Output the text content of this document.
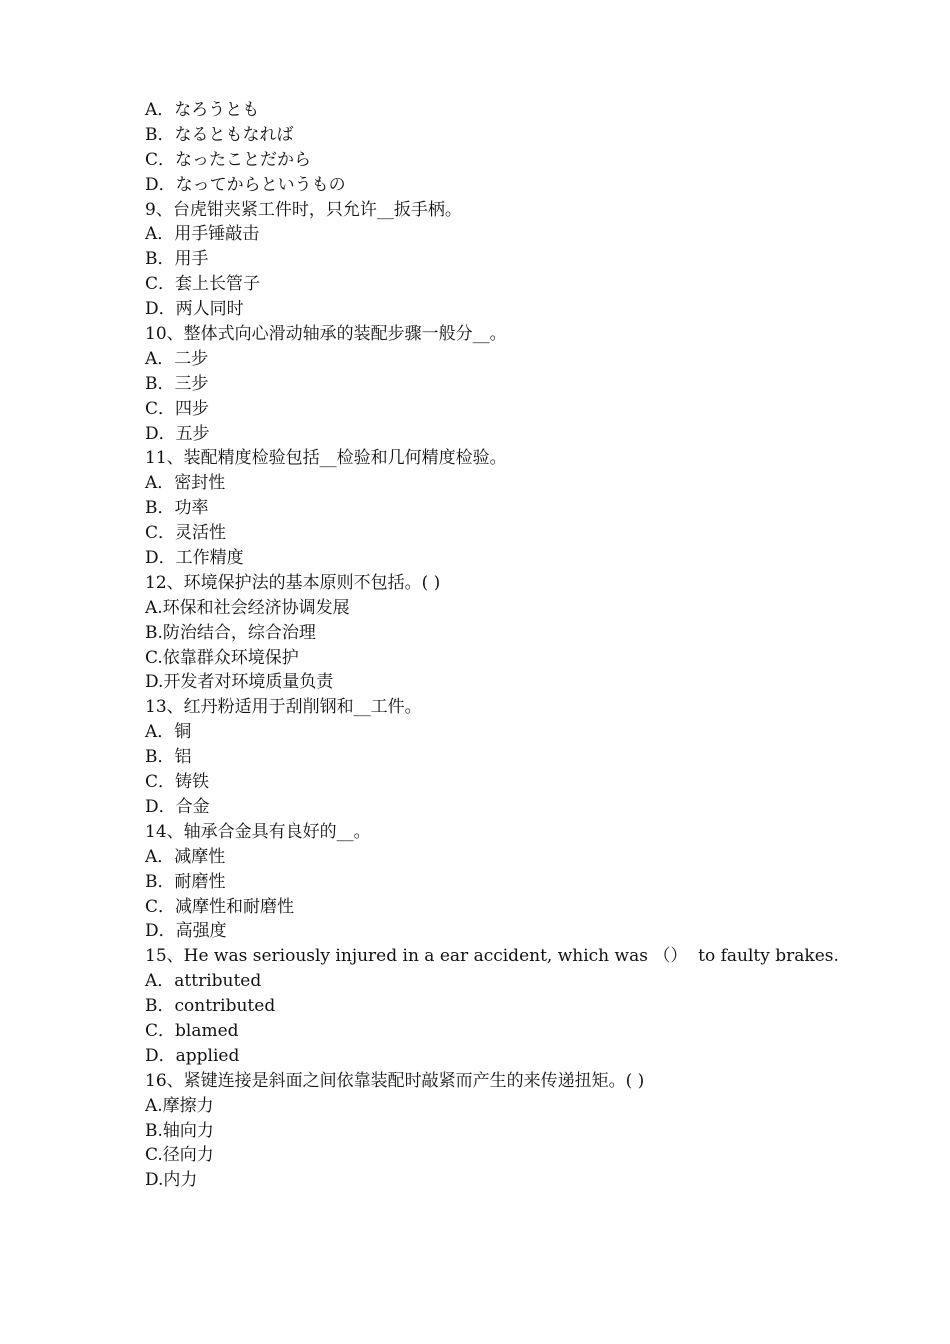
A．なろうとも
B．なるともなれば
C．なったことだから
D．なってからというもの
9、台虎钳夹紧工件时，只允许__扳手柄。
A．用手锤敲击
B．用手
C．套上长管子
D．两人同时
10、整体式向心滑动轴承的装配步骤一般分__。
A．二步
B．三步
C．四步
D．五步
11、装配精度检验包括__检验和几何精度检验。
A．密封性
B．功率
C．灵活性
D．工作精度
12、环境保护法的基本原则不包括。( )
A.环保和社会经济协调发展
B.防治结合，综合治理
C.依靠群众环境保护
D.开发者对环境质量负责
13、红丹粉适用于刮削钢和__工件。
A．铜
B．铝
C．铸铁
D．合金
14、轴承合金具有良好的__。
A．减摩性
B．耐磨性
C．减摩性和耐磨性
D．高强度
15、He was seriously injured in a ear accident, which was （）  to faulty brakes.
A．attributed
B．contributed
C．blamed
D．applied
16、紧键连接是斜面之间依靠装配时敲紧而产生的来传递扭矩。( )
A.摩擦力
B.轴向力
C.径向力
D.内力
